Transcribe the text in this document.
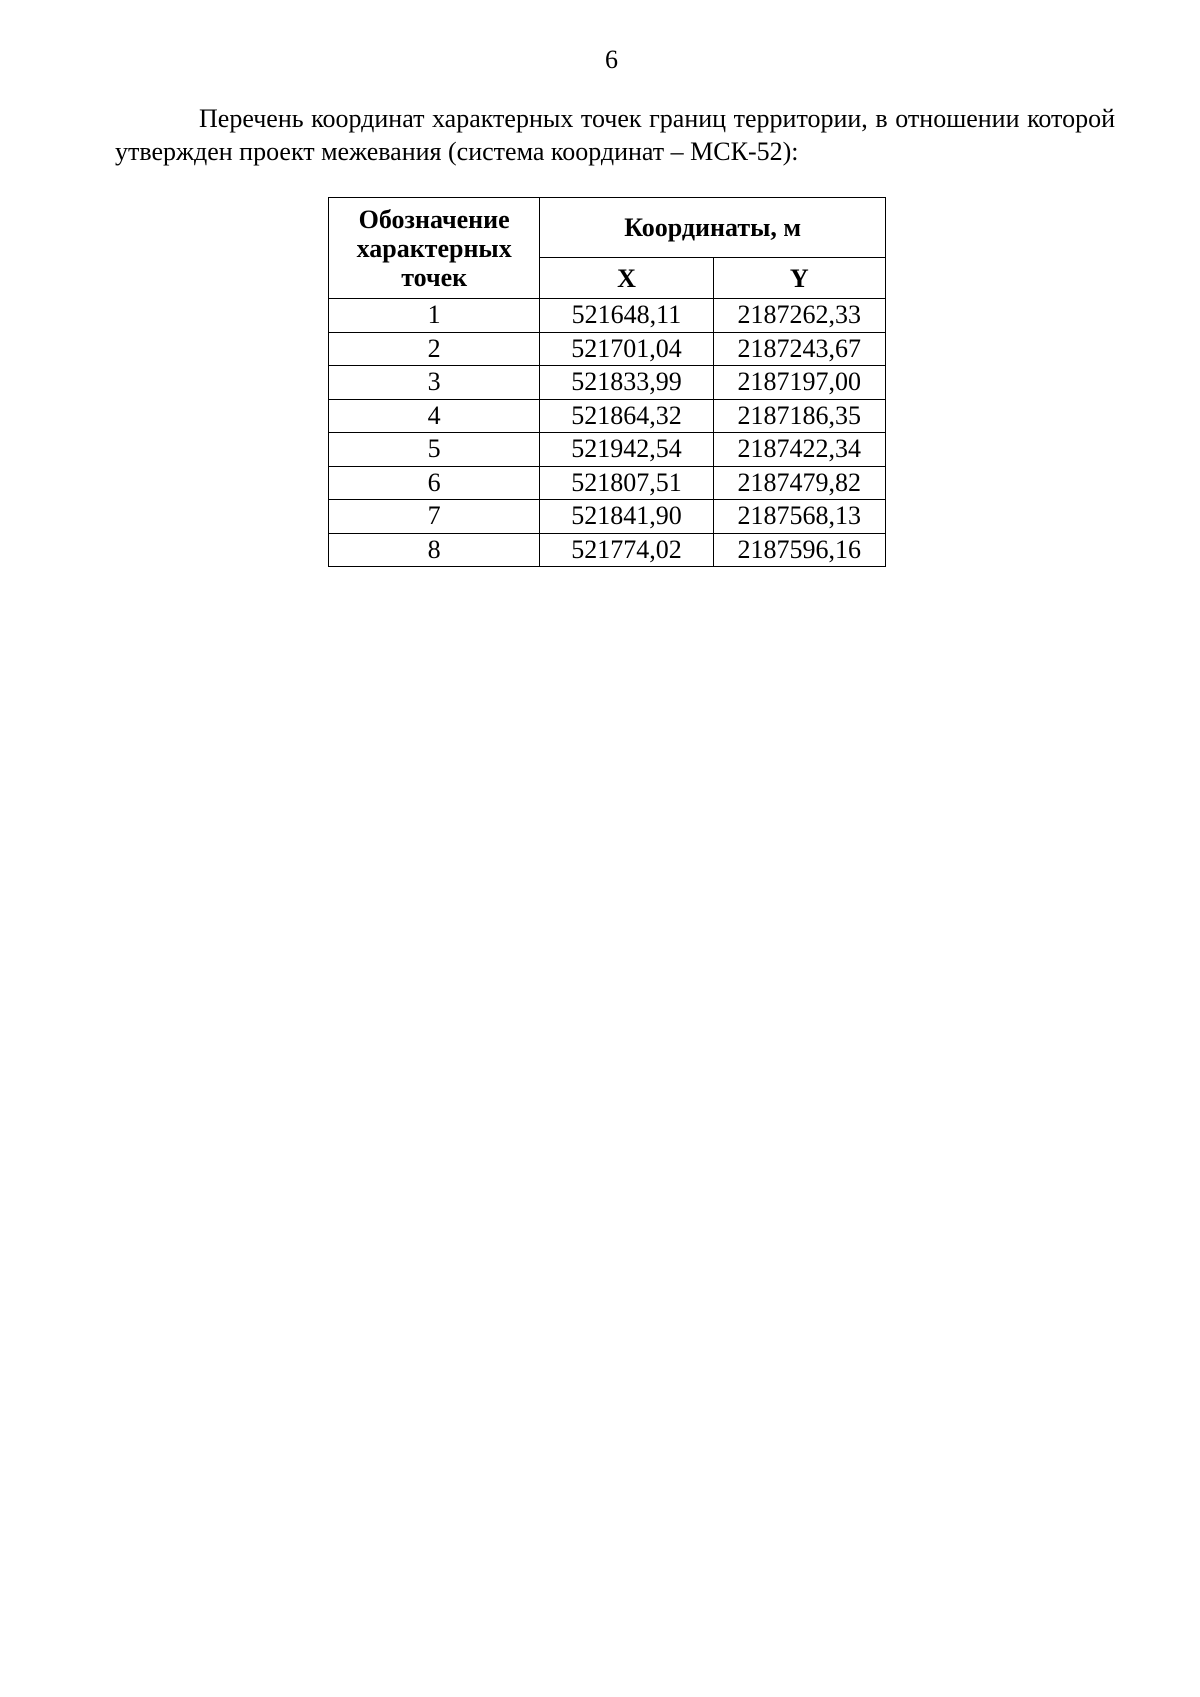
6

Перечень координат характерных точек границ территории, в отношении которой утвержден проект межевания (система координат – МСК-52):

Обозначение характерных точек	Координаты, м	
	X	Y
1	521648,11	2187262,33
2	521701,04	2187243,67
3	521833,99	2187197,00
4	521864,32	2187186,35
5	521942,54	2187422,34
6	521807,51	2187479,82
7	521841,90	2187568,13
8	521774,02	2187596,16
